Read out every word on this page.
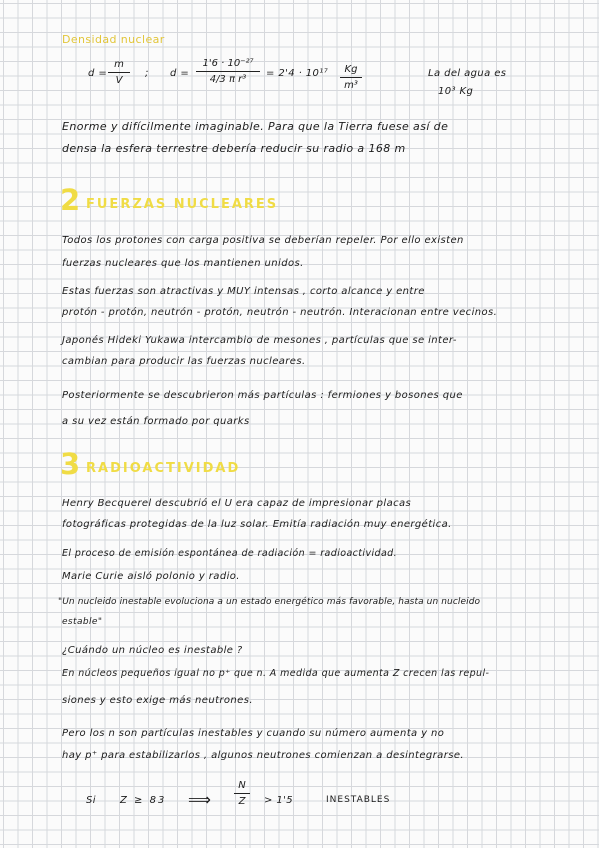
Densidad nuclear
d =
m
V
; d =
1'6 · 10⁻²⁷
4/3 π r³
= 2'4 · 10¹⁷	Kg
m³
La del agua es
10³ Kg
Enorme y difícilmente imaginable. Para que la Tierra fuese así de
densa la esfera terrestre debería reducir su radio a 168 m
2 FUERZAS NUCLEARES
Todos los protones con carga positiva se deberían repeler. Por ello existen
fuerzas nucleares que los mantienen unidos.
Estas fuerzas son atractivas y MUY intensas , corto alcance y entre
protón - protón, neutrón - protón, neutrón - neutrón. Interacionan entre vecinos.
Japonés Hideki Yukawa intercambio de mesones , partículas que se inter-
cambian para producir las fuerzas nucleares.
Posteriormente se descubrieron más partículas : fermiones y bosones que
a su vez están formado por quarks
3 RADIOACTIVIDAD
Henry Becquerel descubrió el U era capaz de impresionar placas
fotográficas protegidas de la luz solar. Emitía radiación muy energética.
El proceso de emisión espontánea de radiación = radioactividad.
Marie Curie aisló polonio y radio.
"Un nucleido inestable evoluciona a un estado energético más favorable, hasta un nucleido
estable"
¿Cuándo un núcleo es inestable ?
En núcleos pequeños igual no p⁺ que n. A medida que aumenta Z crecen las repul-
siones y esto exige más neutrones.
Pero los n son partículas inestables y cuando su número aumenta y no
hay p⁺ para estabilizarlos , algunos neutrones comienzan a desintegrarse.
Si Z ≥ 83 ⟹
N
Z	> 1'5	INESTABLES
